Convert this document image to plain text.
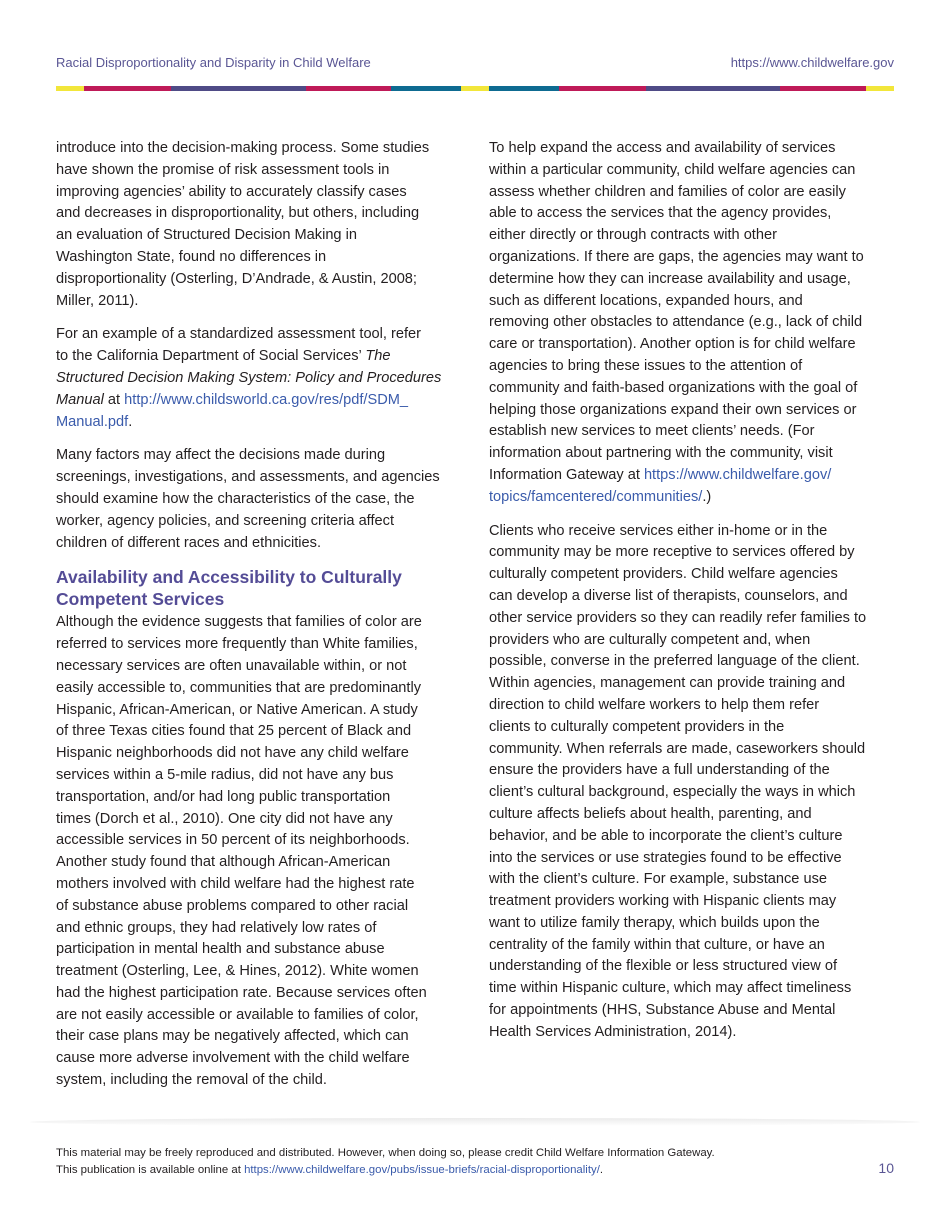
Racial Disproportionality and Disparity in Child Welfare	https://www.childwelfare.gov
introduce into the decision-making process. Some studies
have shown the promise of risk assessment tools in
improving agencies’ ability to accurately classify cases
and decreases in disproportionality, but others, including
an evaluation of Structured Decision Making in
Washington State, found no differences in
disproportionality (Osterling, D’Andrade, & Austin, 2008;
Miller, 2011).
For an example of a standardized assessment tool, refer
to the California Department of Social Services’ The
Structured Decision Making System: Policy and Procedures
Manual at http://www.childsworld.ca.gov/res/pdf/SDM_
Manual.pdf.
Many factors may affect the decisions made during
screenings, investigations, and assessments, and agencies
should examine how the characteristics of the case, the
worker, agency policies, and screening criteria affect
children of different races and ethnicities.
Availability and Accessibility to Culturally
Competent Services
Although the evidence suggests that families of color are
referred to services more frequently than White families,
necessary services are often unavailable within, or not
easily accessible to, communities that are predominantly
Hispanic, African-American, or Native American. A study
of three Texas cities found that 25 percent of Black and
Hispanic neighborhoods did not have any child welfare
services within a 5-mile radius, did not have any bus
transportation, and/or had long public transportation
times (Dorch et al., 2010). One city did not have any
accessible services in 50 percent of its neighborhoods.
Another study found that although African-American
mothers involved with child welfare had the highest rate
of substance abuse problems compared to other racial
and ethnic groups, they had relatively low rates of
participation in mental health and substance abuse
treatment (Osterling, Lee, & Hines, 2012). White women
had the highest participation rate. Because services often
are not easily accessible or available to families of color,
their case plans may be negatively affected, which can
cause more adverse involvement with the child welfare
system, including the removal of the child.
To help expand the access and availability of services
within a particular community, child welfare agencies can
assess whether children and families of color are easily
able to access the services that the agency provides,
either directly or through contracts with other
organizations. If there are gaps, the agencies may want to
determine how they can increase availability and usage,
such as different locations, expanded hours, and
removing other obstacles to attendance (e.g., lack of child
care or transportation). Another option is for child welfare
agencies to bring these issues to the attention of
community and faith-based organizations with the goal of
helping those organizations expand their own services or
establish new services to meet clients’ needs. (For
information about partnering with the community, visit
Information Gateway at https://www.childwelfare.gov/
topics/famcentered/communities/.)
Clients who receive services either in-home or in the
community may be more receptive to services offered by
culturally competent providers. Child welfare agencies
can develop a diverse list of therapists, counselors, and
other service providers so they can readily refer families to
providers who are culturally competent and, when
possible, converse in the preferred language of the client.
Within agencies, management can provide training and
direction to child welfare workers to help them refer
clients to culturally competent providers in the
community. When referrals are made, caseworkers should
ensure the providers have a full understanding of the
client’s cultural background, especially the ways in which
culture affects beliefs about health, parenting, and
behavior, and be able to incorporate the client’s culture
into the services or use strategies found to be effective
with the client’s culture. For example, substance use
treatment providers working with Hispanic clients may
want to utilize family therapy, which builds upon the
centrality of the family within that culture, or have an
understanding of the flexible or less structured view of
time within Hispanic culture, which may affect timeliness
for appointments (HHS, Substance Abuse and Mental
Health Services Administration, 2014).
This material may be freely reproduced and distributed. However, when doing so, please credit Child Welfare Information Gateway.
This publication is available online at https://www.childwelfare.gov/pubs/issue-briefs/racial-disproportionality/.	10
